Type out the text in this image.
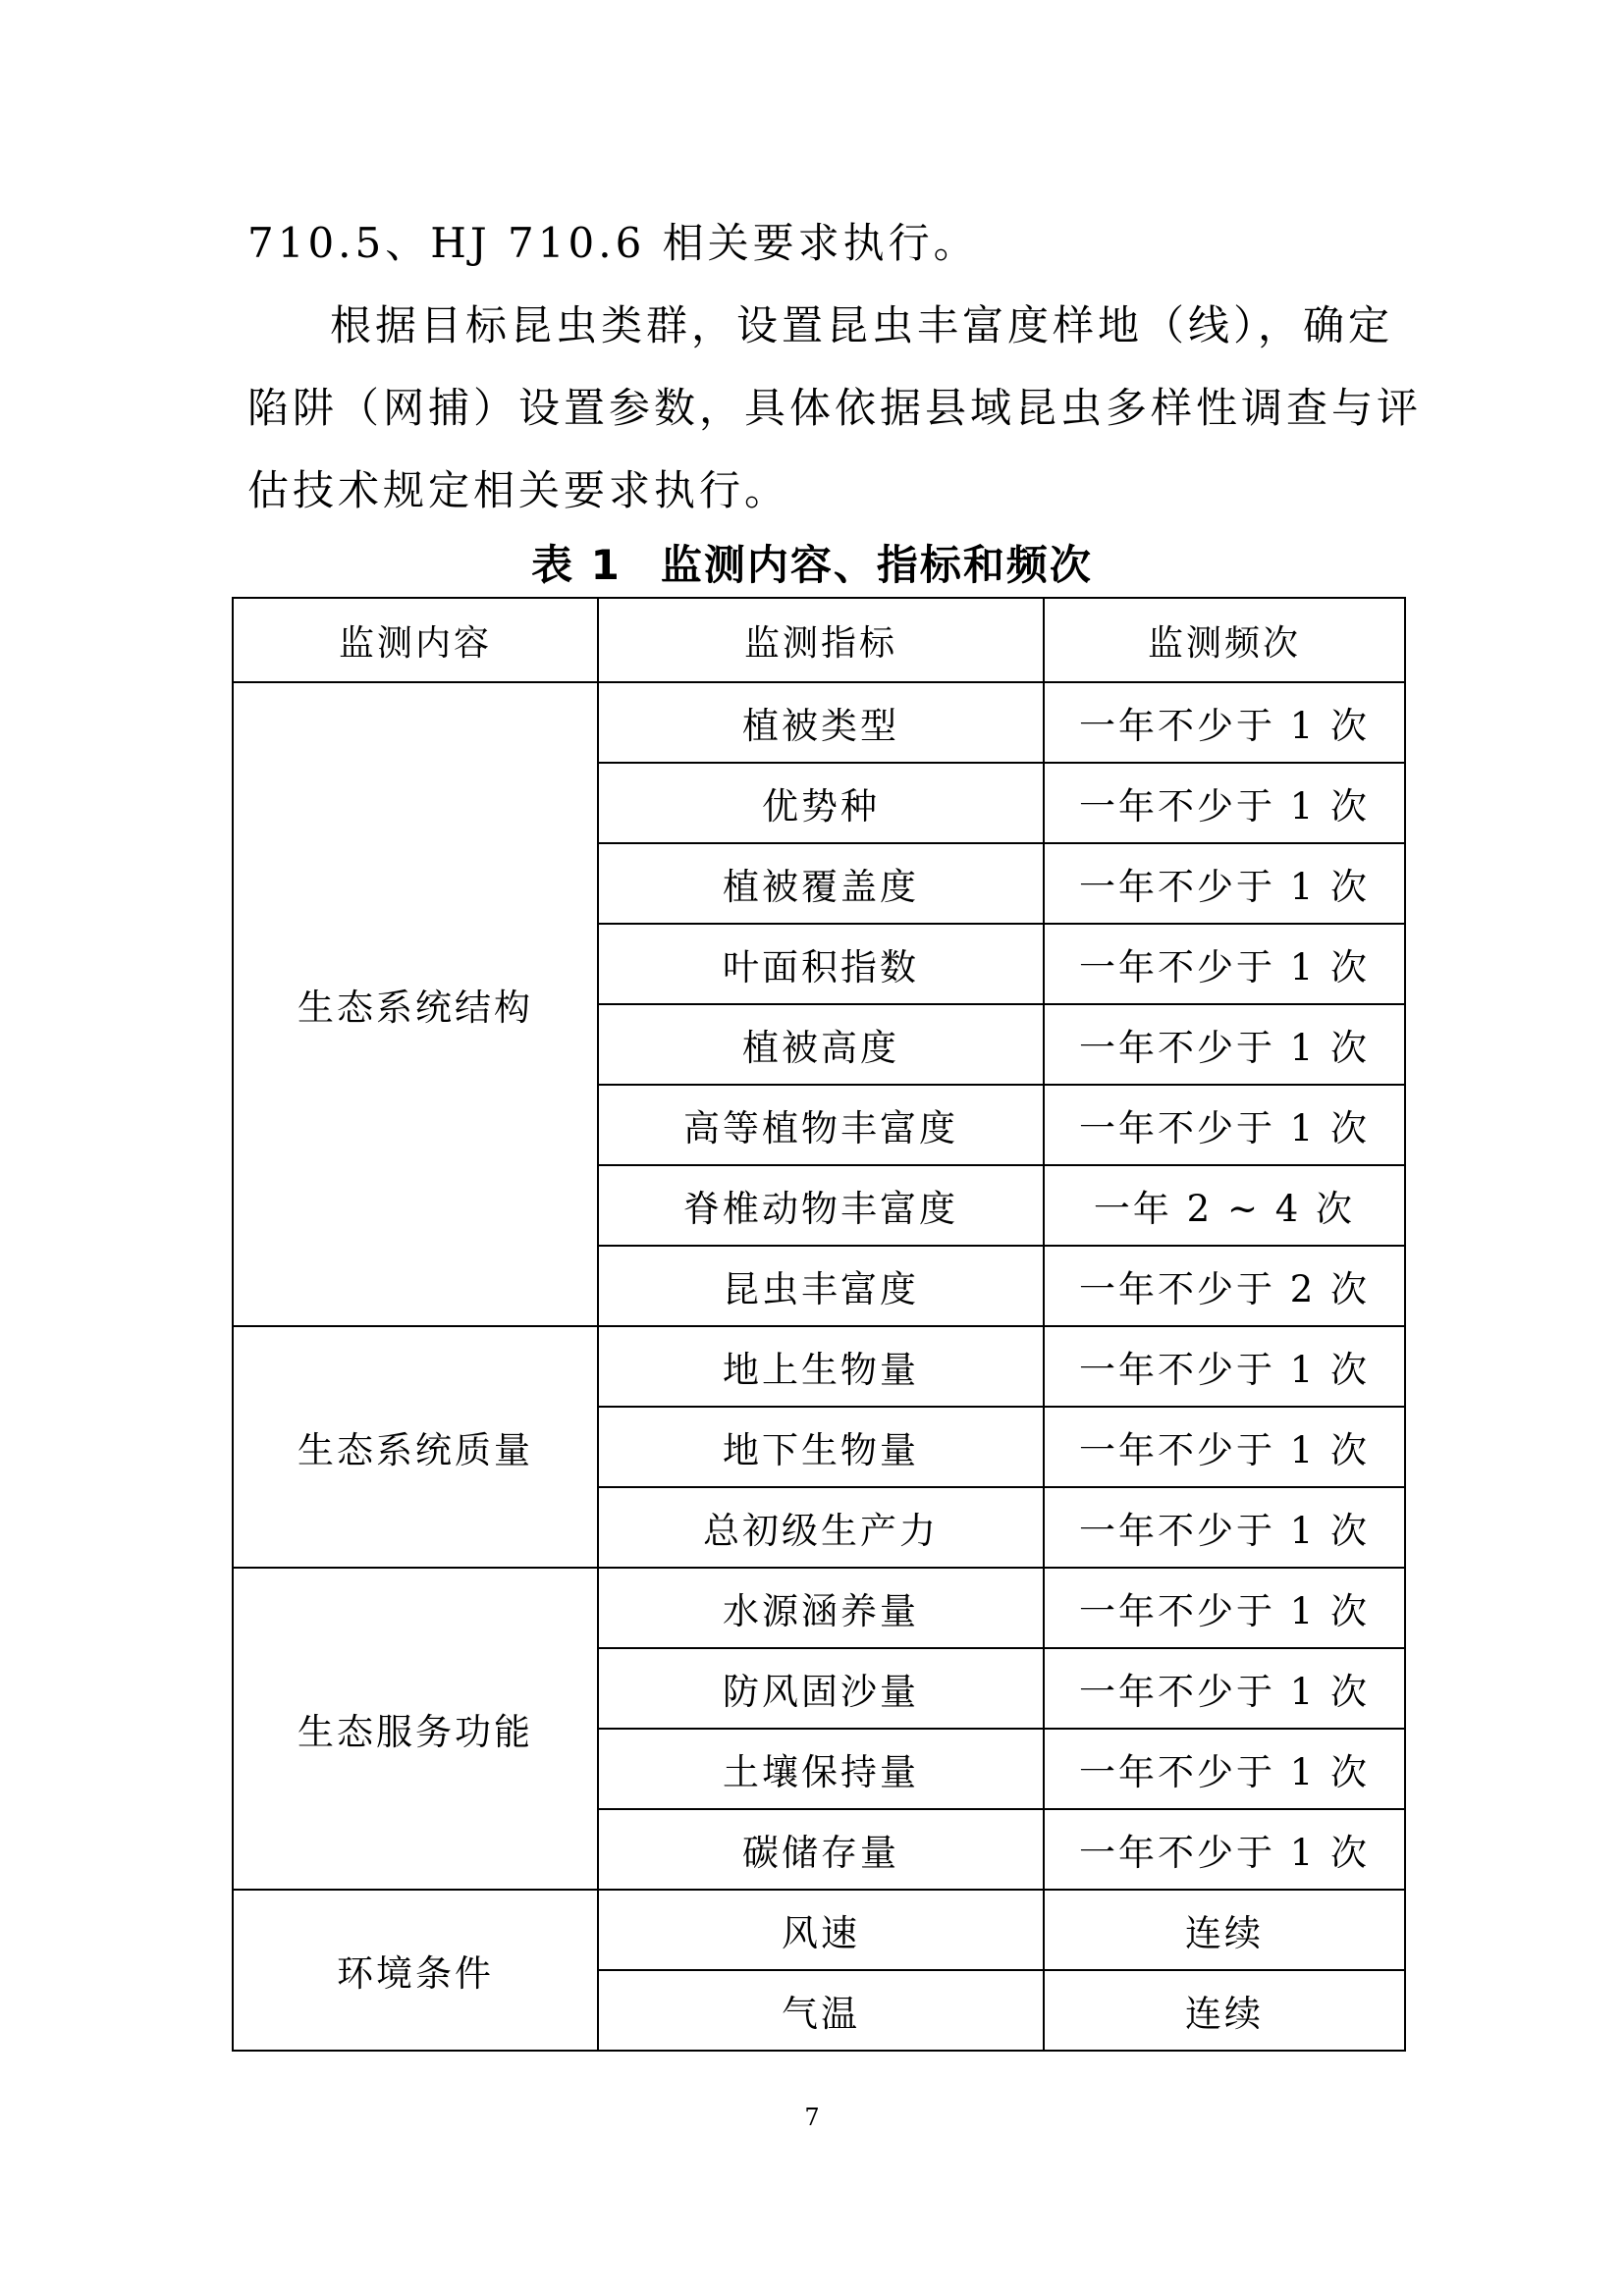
710.5、HJ 710.6 相关要求执行。

根据目标昆虫类群，设置昆虫丰富度样地（线），确定
陷阱（网捕）设置参数，具体依据县域昆虫多样性调查与评
估技术规定相关要求执行。

表 1 监测内容、指标和频次

监测内容	监测指标	监测频次
生态系统结构	植被类型	一年不少于 1 次
	优势种	一年不少于 1 次
	植被覆盖度	一年不少于 1 次
	叶面积指数	一年不少于 1 次
	植被高度	一年不少于 1 次
	高等植物丰富度	一年不少于 1 次
	脊椎动物丰富度	一年 2 ~ 4 次
	昆虫丰富度	一年不少于 2 次
生态系统质量	地上生物量	一年不少于 1 次
	地下生物量	一年不少于 1 次
	总初级生产力	一年不少于 1 次
生态服务功能	水源涵养量	一年不少于 1 次
	防风固沙量	一年不少于 1 次
	土壤保持量	一年不少于 1 次
	碳储存量	一年不少于 1 次
环境条件	风速	连续
	气温	连续
7
